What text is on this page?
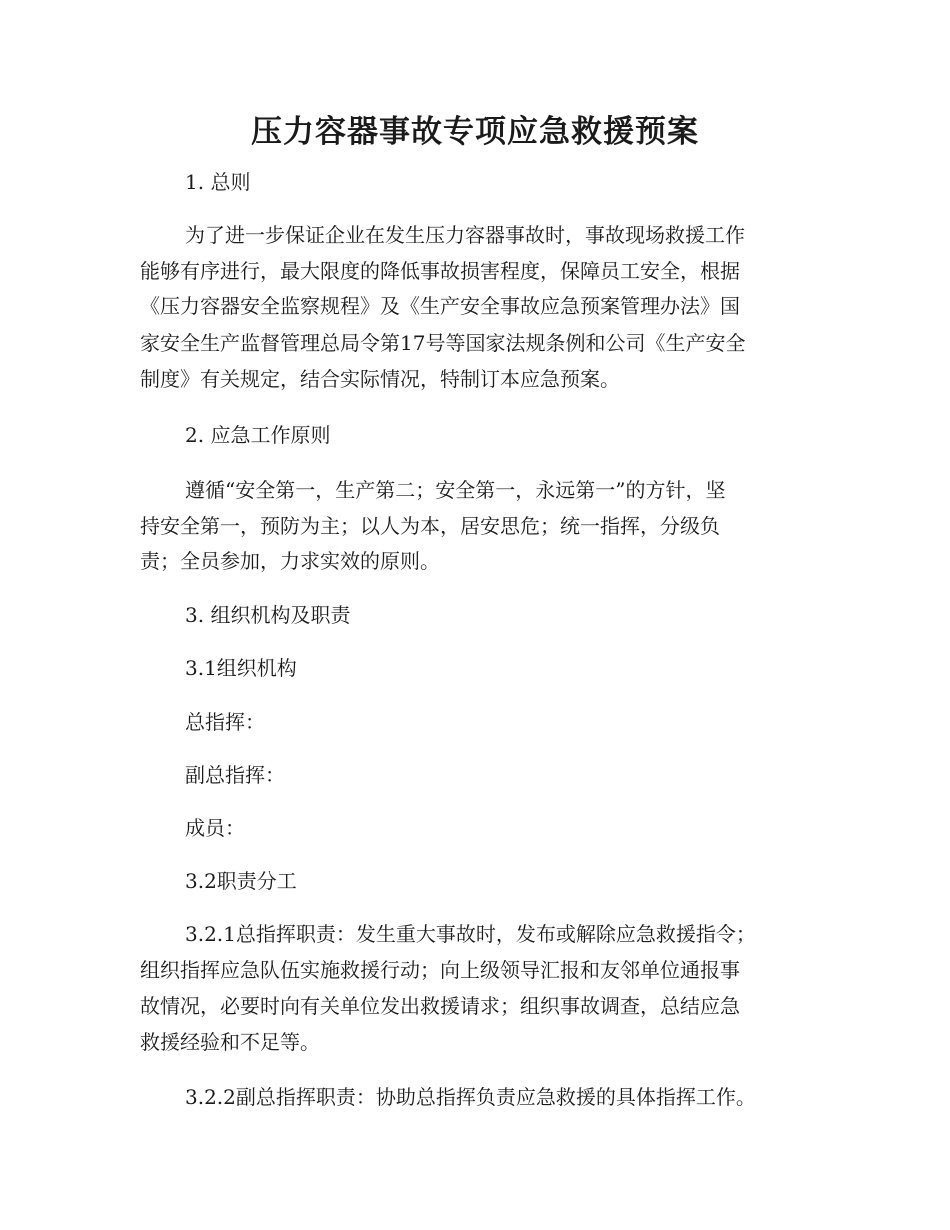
压力容器事故专项应急救援预案

1. 总则

为了进一步保证企业在发生压力容器事故时，事故现场救援工作

能够有序进行，最大限度的降低事故损害程度，保障员工安全，根据

《压力容器安全监察规程》及《生产安全事故应急预案管理办法》国

家安全生产监督管理总局令第17号等国家法规条例和公司《生产安全

制度》有关规定，结合实际情况，特制订本应急预案。

2. 应急工作原则

遵循“安全第一，生产第二；安全第一，永远第一”的方针，坚

持安全第一，预防为主；以人为本，居安思危；统一指挥，分级负

责；全员参加，力求实效的原则。

3. 组织机构及职责

3.1组织机构

总指挥：

副总指挥：

成员：

3.2职责分工

3.2.1总指挥职责：发生重大事故时，发布或解除应急救援指令；

组织指挥应急队伍实施救援行动；向上级领导汇报和友邻单位通报事

故情况，必要时向有关单位发出救援请求；组织事故调查，总结应急

救援经验和不足等。

3.2.2副总指挥职责：协助总指挥负责应急救援的具体指挥工作。
